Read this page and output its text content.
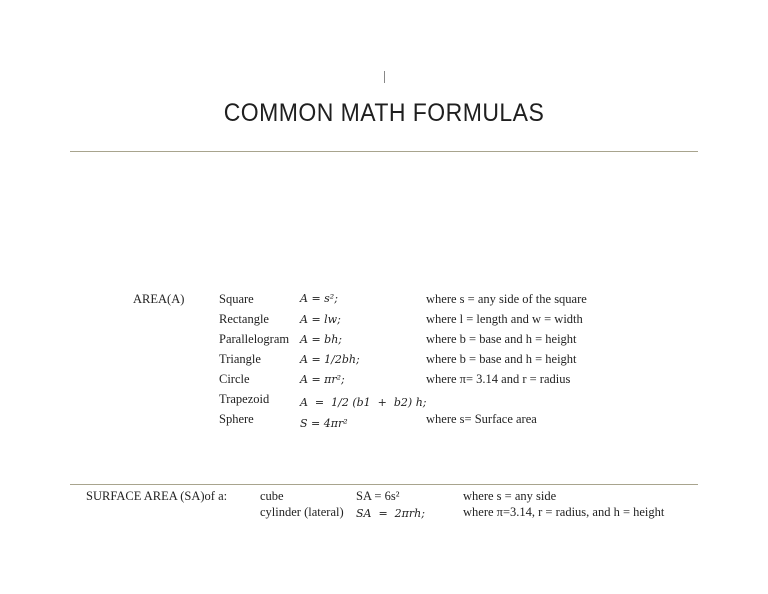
COMMON MATH FORMULAS
AREA(A)	Square	A = s²;	where s = any side of the square
Rectangle	A = lw;	where l = length and w = width
Parallelogram A = bh;	where b = base and h = height
Triangle	A = 1/2bh;	where b = base and h = height
Circle	A = πr²;	where π= 3.14 and r = radius
Trapezoid	A  =  1/2 (b1  +  b2) h;
Sphere	S = 4πr²	where s= Surface area
SURFACE AREA (SA)of a:	cube	SA = 6s²	where s = any side
cylinder (lateral) SA  =  2πrh;	where π=3.14, r = radius, and h = height
